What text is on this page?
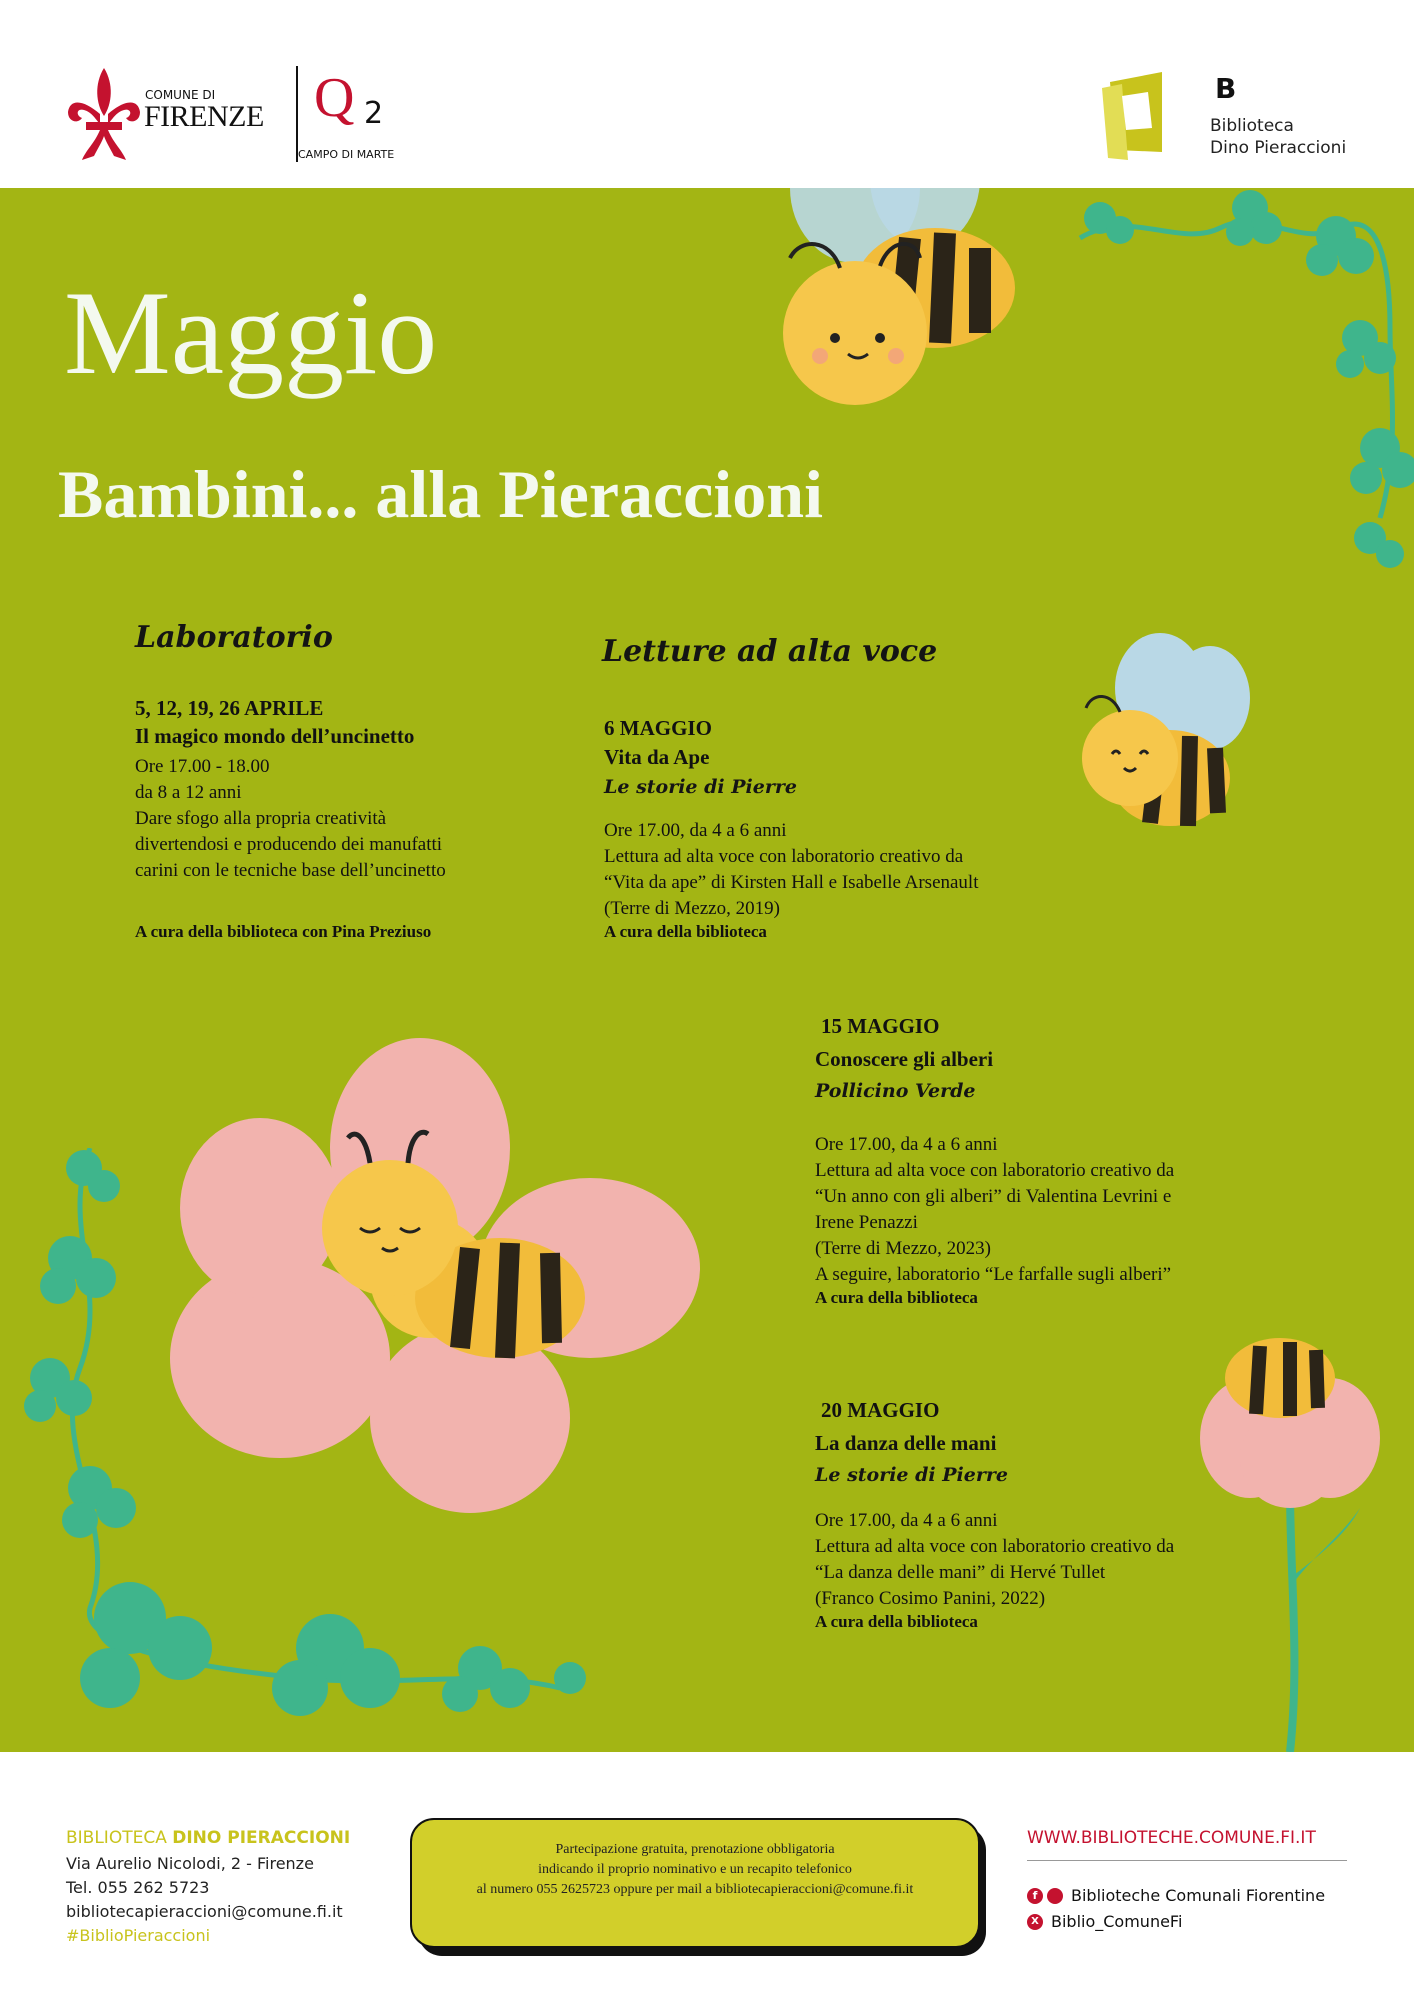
COMUNE DI
FIRENZE Q 2
CAMPO DI MARTE
B
Biblioteca
Dino Pieraccioni
Maggio
Bambini... alla Pieraccioni
Laboratorio
5, 12, 19, 26 APRILE
Il magico mondo dell’uncinetto
Ore 17.00 - 18.00
da 8 a 12 anni
Dare sfogo alla propria creatività
divertendosi e producendo dei manufatti
carini con le tecniche base dell’uncinetto
A cura della biblioteca con Pina Preziuso
Letture ad alta voce
6 MAGGIO
Vita da Ape
Le storie di Pierre
Ore 17.00, da 4 a 6 anni
Lettura ad alta voce con laboratorio creativo da
“Vita da ape” di Kirsten Hall e Isabelle Arsenault
(Terre di Mezzo, 2019)
A cura della biblioteca
15 MAGGIO
Conoscere gli alberi
Pollicino Verde
Ore 17.00, da 4 a 6 anni
Lettura ad alta voce con laboratorio creativo da
“Un anno con gli alberi” di Valentina Levrini e
Irene Penazzi
(Terre di Mezzo, 2023)
A seguire, laboratorio “Le farfalle sugli alberi”
A cura della biblioteca
20 MAGGIO
La danza delle mani
Le storie di Pierre
Ore 17.00, da 4 a 6 anni
Lettura ad alta voce con laboratorio creativo da
“La danza delle mani” di Hervé Tullet
(Franco Cosimo Panini, 2022)
A cura della biblioteca
BIBLIOTECA DINO PIERACCIONI
Via Aurelio Nicolodi, 2 - Firenze
Tel. 055 262 5723
bibliotecapieraccioni@comune.fi.it
#BiblioPieraccioni
Partecipazione gratuita, prenotazione obbligatoria
indicando il proprio nominativo e un recapito telefonico
al numero 055 2625723 oppure per mail a bibliotecapieraccioni@comune.fi.it
WWW.BIBLIOTECHE.COMUNE.FI.IT
f Biblioteche Comunali Fiorentine
X Biblio_ComuneFi
